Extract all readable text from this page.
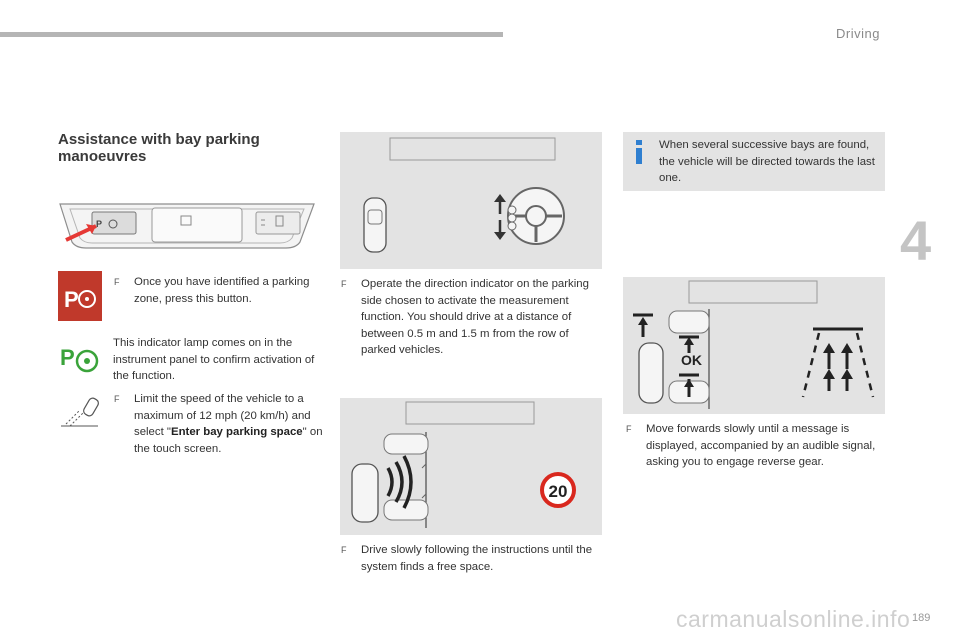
Driving
4
Assistance with bay parking manoeuvres
P
P
F	Once you have identified a parking zone, press this button.
P
This indicator lamp comes on in the instrument panel to confirm activation of the function.
F	Limit the speed of the vehicle to a maximum of 12 mph (20 km/h) and select "Enter bay parking space" on the touch screen.
F	Operate the direction indicator on the parking side chosen to activate the measurement function. You should drive at a distance of between 0.5 m and 1.5 m from the row of parked vehicles.
20
F	Drive slowly following the instructions until the system finds a free space.
When several successive bays are found, the vehicle will be directed towards the last one.
OK
F	Move forwards slowly until a message is displayed, accompanied by an audible signal, asking you to engage reverse gear.
carmanualsonline.info 189
